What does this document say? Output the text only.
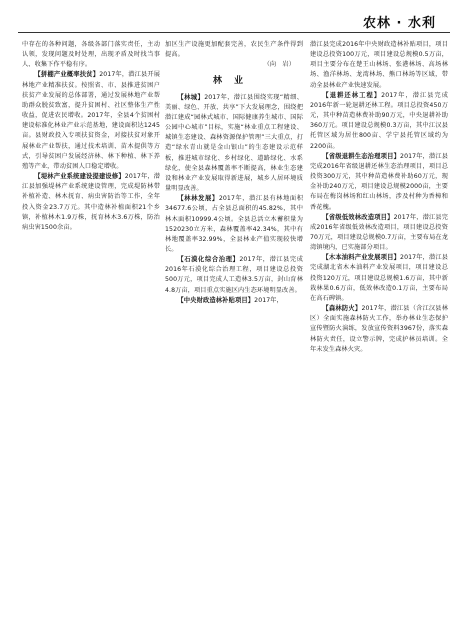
农林 · 水利

中存在的各种问题，各级各部门落实责任，主动认领，发现问题及时处理，出现矛盾及时找当事人、收集下作平稳有序。

【拼棚产业概率扶贫】2017年，潜江县开展林地产业精准扶贫。按照省、市、县推进贫困户扶贫产业发展的总体部署，通过发展林地产业帮助群众脱贫致富，提升贫困村、社区整体生产性收益，促进农民增收。2017年，全县4个贫困村建设标准化林业产业示范基地，建设面积达1245亩。县财政投入专项扶贫资金，对接扶贫对象开展林业产业帮扶，通过技术培训、苗木提供等方式，引导贫困户发展经济林、林下种植、林下养殖等产业，带动贫困人口稳定增收。

【堤林产业系统建设提建设修】2017年，潜江县加强堤林产业系统建设管理，完成堤防林带补植补造、林木抚育、病虫害防治等工作，全年投入资金23.7万元。其中造林补植面积21个乡镇，补植林木1.9万株，抚育林木3.6万株，防治病虫害1500余亩。

加区生产设施更加配套完善，农民生产条件得到提高。

（向　岩）

林业

【林城】2017年，潜江县围绕实现“精细、美丽、绿色、开放、共享”下大发展理念，围绕把潜江建成“园林式城市、国际健康养生城市、国际公园中心城市”目标，实施“林业重点工程建设、城镇生态建设、森林资源保护管理”三大重点，打造“绿水青山就是金山银山”的生态建设示范样板，推进城市绿化、乡村绿化、道路绿化、水系绿化，使全县森林覆盖率不断提高，林业生态建设和林业产业发展取得新进展，城乡人居环境质量明显改善。

【林林发展】2017年，潜江县有林地面积34677.6公顷，占全县总面积的45.82%，其中林木面积10999.4公顷。全县总活立木蓄积量为1520230立方米，森林覆盖率42.34%，其中有林地覆盖率32.99%，全县林业产值实现较快增长。

【石漠化综合治理】2017年，潜江县完成2016年石漠化综合治理工程，项目建设总投资500万元，项目完成人工造林3.5万亩，封山育林4.8万亩，项目重点实施区内生态环境明显改善。

【中央财政造林补贴项目】2017年，

潜江县完成2016年中央财政造林补贴项目，项目建设总投资100万元，项目建设总规模0.5万亩，项目主要分布在楚王山林场、张港林场、高场林场、渔洋林场、龙湾林场、熊口林场等区域，带动全县林业产业快速发展。

【退耕还林工程】2017年，潜江县完成2016年新一轮退耕还林工程。项目总投资450万元，其中种苗造林费补助90万元，中央退耕补助360万元。项目建设总规模0.3万亩，其中江汉县托管区域为居住800亩、学宁县托管区域约为2200亩。

【省级退耕生态治理项目】2017年，潜江县完成2016年省级退耕还林生态治理项目，项目总投资300万元，其中种苗造林费补助60万元，现金补助240万元，项目建设总规模2000亩，主要布局在梅岗林场和红山林场，涉及村种为香樟和香花槐。

【省级低效林改造项目】2017年，潜江县完成2016年省级低效林改造项目，项目建设总投资70万元，项目建设总规模0.7万亩，主要布局在龙湾镇境内，已实施部分项目。

【木本油料产业发展项目】2017年，潜江县完成湖北省木本油料产业发展项目，项目建设总投资120万元，项目建设总规模1.6万亩，其中新栽林果0.6万亩，低效林改造0.1万亩，主要布局在高石碑镇。

【森林防火】2017年，潜江县（含江汉县林区）全面实施森林防火工作，举办林业生态保护宣传暨防火演练，发放宣传资料3967份，落实森林防火责任，设立警示牌，完成护林员培训。全年未发生森林火灾。
